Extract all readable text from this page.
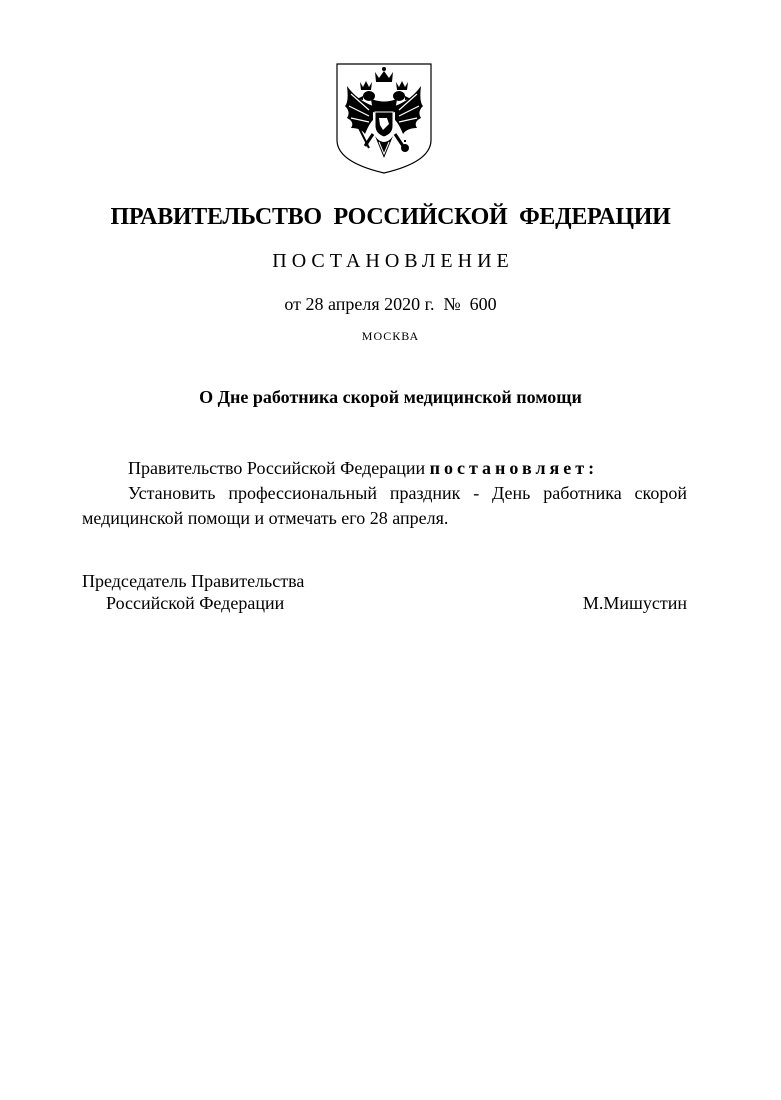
ПРАВИТЕЛЬСТВО РОССИЙСКОЙ ФЕДЕРАЦИИ
ПОСТАНОВЛЕНИЕ
от 28 апреля 2020 г.  №  600
МОСКВА
О Дне работника скорой медицинской помощи

Правительство Российской Федерации постановляет:

Установить профессиональный праздник - День работника скорой медицинской помощи и отмечать его 28 апреля.

Председатель Правительства
Российской Федерации	М.Мишустин
